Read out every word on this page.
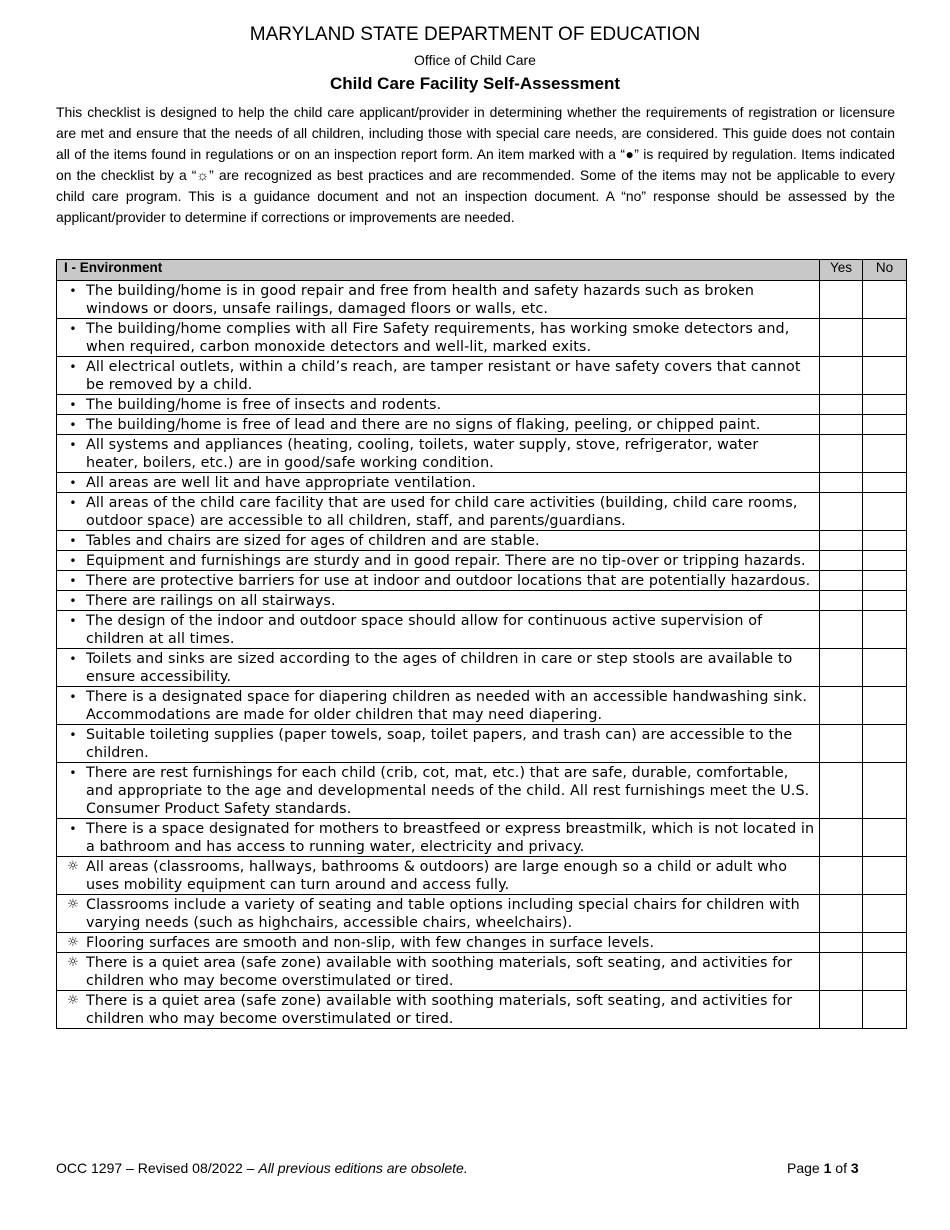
MARYLAND STATE DEPARTMENT OF EDUCATION
Office of Child Care
Child Care Facility Self-Assessment
This checklist is designed to help the child care applicant/provider in determining whether the requirements of registration or licensure are met and ensure that the needs of all children, including those with special care needs, are considered. This guide does not contain all of the items found in regulations or on an inspection report form. An item marked with a “●” is required by regulation. Items indicated on the checklist by a “☼” are recognized as best practices and are recommended. Some of the items may not be applicable to every child care program. This is a guidance document and not an inspection document. A “no” response should be assessed by the applicant/provider to determine if corrections or improvements are needed.
I - Environment	Yes	No

• The building/home is in good repair and free from health and safety hazards such as broken windows or doors, unsafe railings, damaged floors or walls, etc.		

• The building/home complies with all Fire Safety requirements, has working smoke detectors and, when required, carbon monoxide detectors and well-lit, marked exits.		

• All electrical outlets, within a child’s reach, are tamper resistant or have safety covers that cannot be removed by a child.		

• The building/home is free of insects and rodents.		

• The building/home is free of lead and there are no signs of flaking, peeling, or chipped paint.		

• All systems and appliances (heating, cooling, toilets, water supply, stove, refrigerator, water heater, boilers, etc.) are in good/safe working condition.		

• All areas are well lit and have appropriate ventilation.		

• All areas of the child care facility that are used for child care activities (building, child care rooms, outdoor space) are accessible to all children, staff, and parents/guardians.		

• Tables and chairs are sized for ages of children and are stable.		

• Equipment and furnishings are sturdy and in good repair. There are no tip-over or tripping hazards.		

• There are protective barriers for use at indoor and outdoor locations that are potentially hazardous.		

• There are railings on all stairways.		

• The design of the indoor and outdoor space should allow for continuous active supervision of children at all times.		

• Toilets and sinks are sized according to the ages of children in care or step stools are available to ensure accessibility.		

• There is a designated space for diapering children as needed with an accessible handwashing sink. Accommodations are made for older children that may need diapering.		

• Suitable toileting supplies (paper towels, soap, toilet papers, and trash can) are accessible to the children.		

• There are rest furnishings for each child (crib, cot, mat, etc.) that are safe, durable, comfortable, and appropriate to the age and developmental needs of the child. All rest furnishings meet the U.S. Consumer Product Safety standards.		

• There is a space designated for mothers to breastfeed or express breastmilk, which is not located in a bathroom and has access to running water, electricity and privacy.		

☼ All areas (classrooms, hallways, bathrooms & outdoors) are large enough so a child or adult who uses mobility equipment can turn around and access fully.		

☼ Classrooms include a variety of seating and table options including special chairs for children with varying needs (such as highchairs, accessible chairs, wheelchairs).		

☼ Flooring surfaces are smooth and non-slip, with few changes in surface levels.		

☼ There is a quiet area (safe zone) available with soothing materials, soft seating, and activities for children who may become overstimulated or tired.		

☼ There is a quiet area (safe zone) available with soothing materials, soft seating, and activities for children who may become overstimulated or tired.		
OCC 1297 – Revised 08/2022 – All previous editions are obsolete.	Page 1 of 3
